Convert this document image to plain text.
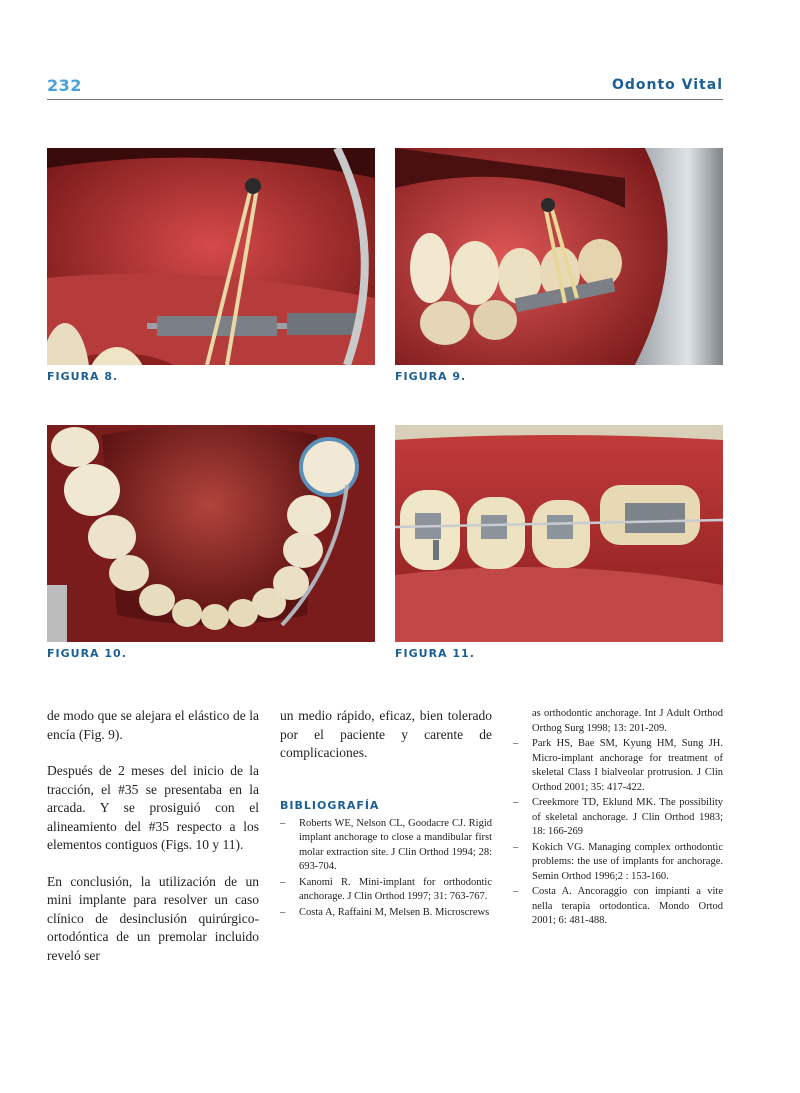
232	Odonto Vital
FIGURA 8.	FIGURA 9.
FIGURA 10.	FIGURA 11.

de modo que se alejara el elástico de la encía (Fig. 9).

Después de 2 meses del inicio de la tracción, el #35 se presentaba en la arcada. Y se prosiguió con el alineamiento del #35 respecto a los elementos contiguos (Figs. 10 y 11).

En conclusión, la utilización de un mini implante para resolver un caso clínico de desinclusión quirúrgico-ortodóntica de un premolar incluido reveló ser

un medio rápido, eficaz, bien tolerado por el paciente y carente de complicaciones.

BIBLIOGRAFÍA
– Roberts WE, Nelson CL, Goodacre CJ. Rigid implant anchorage to close a mandibular first molar extraction site. J Clin Orthod 1994; 28: 693-704.
– Kanomi R. Mini-implant for orthodontic anchorage. J Clin Orthod 1997; 31: 763-767.
– Costa A, Raffaini M, Melsen B. Microscrews
as orthodontic anchorage. Int J Adult Orthod Orthog Surg 1998; 13: 201-209.
– Park HS, Bae SM, Kyung HM, Sung JH. Micro-implant anchorage for treatment of skeletal Class I bialveolar protrusion. J Clin Orthod 2001; 35: 417-422.
– Creekmore TD, Eklund MK. The possibility of skeletal anchorage. J Clin Orthod 1983; 18: 166-269
– Kokich VG. Managing complex orthodontic problems: the use of implants for anchorage. Semin Orthod 1996;2 : 153-160.
– Costa A. Ancoraggio con impianti a vite nella terapia ortodontica. Mondo Ortod 2001; 6: 481-488.
